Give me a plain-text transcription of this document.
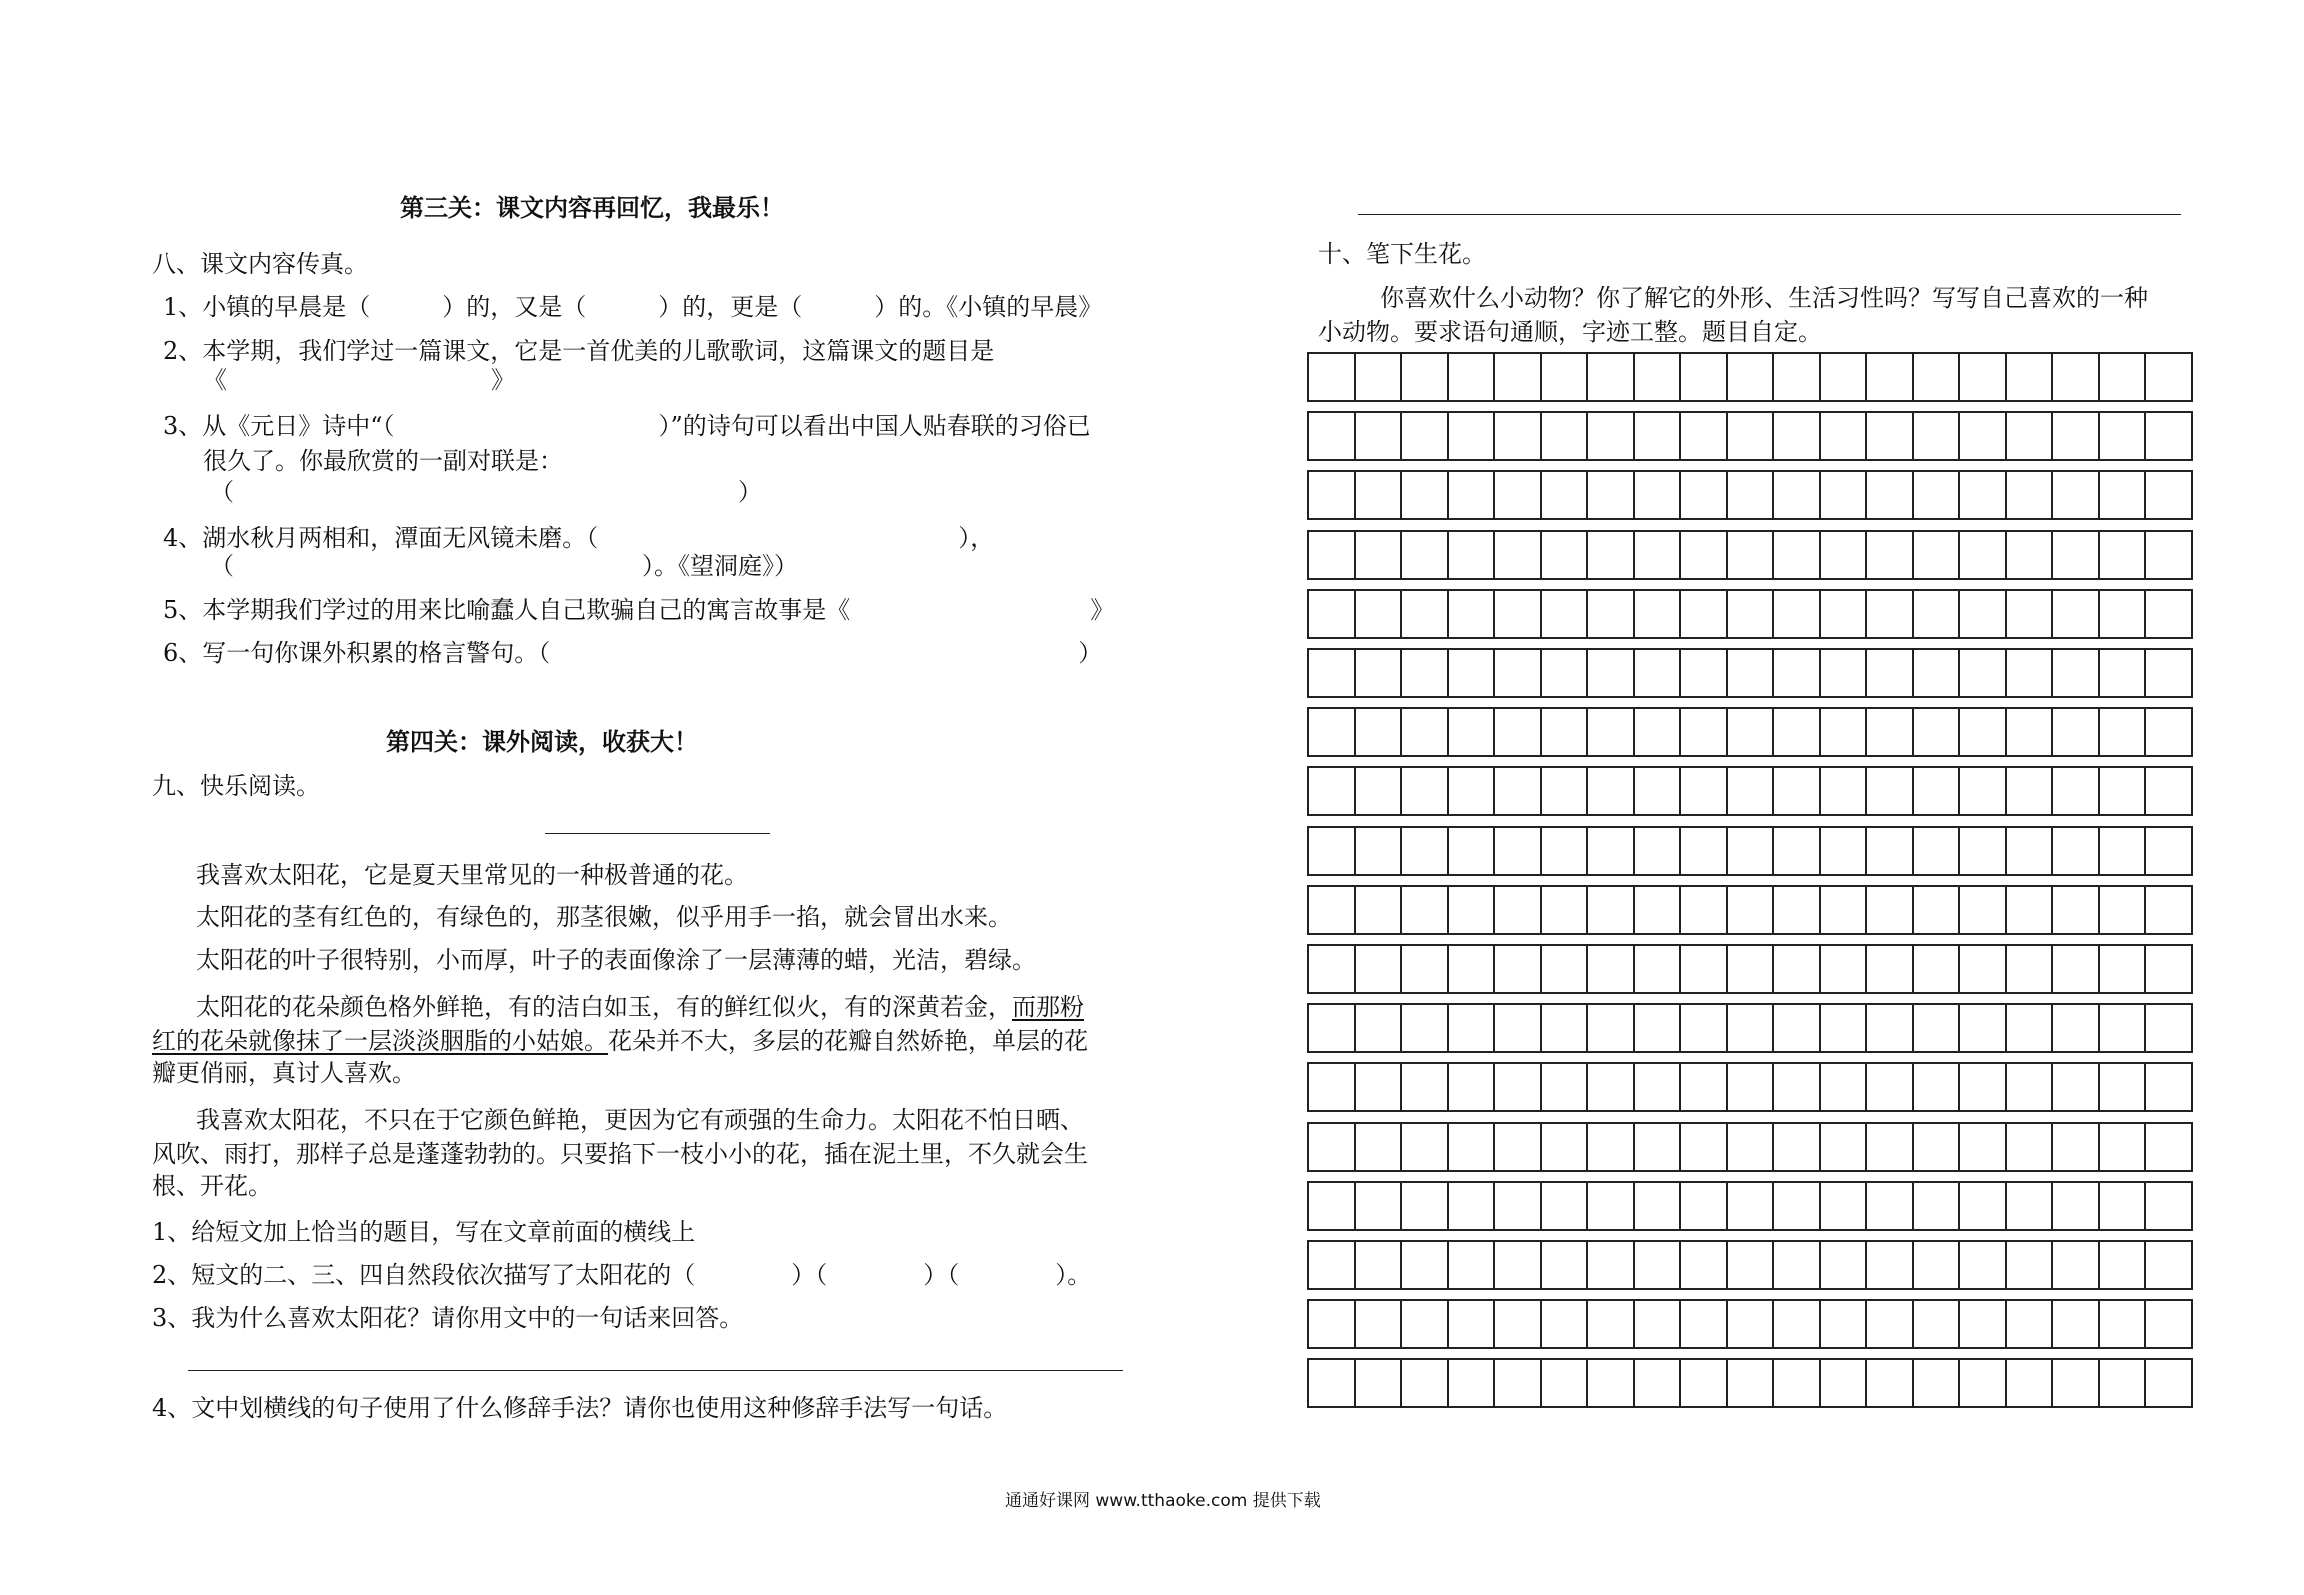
第三关：课文内容再回忆，我最乐！
八、课文内容传真。
1、小镇的早晨是（　　　）的，又是（　　　）的，更是（　　　）的。《小镇的早晨》
2、本学期，我们学过一篇课文，它是一首优美的儿歌歌词，这篇课文的题目是
《　　　　　　　　　　　》
3、从《元日》诗中“（　　　　　　　　　　　）”的诗句可以看出中国人贴春联的习俗已
很久了。你最欣赏的一副对联是：
（　　　　　　　　　　　　　　　　　　　　　）
4、湖水秋月两相和，潭面无风镜未磨。（　　　　　　　　　　　　　　　），
（　　　　　　　　　　　　　　　　　）。《望洞庭》）
5、本学期我们学过的用来比喻蠢人自己欺骗自己的寓言故事是《　　　　　　　　　　》
6、写一句你课外积累的格言警句。（　　　　　　　　　　　　　　　　　　　　　　）
第四关：课外阅读，收获大！
九、快乐阅读。
我喜欢太阳花，它是夏天里常见的一种极普通的花。
太阳花的茎有红色的，有绿色的，那茎很嫩，似乎用手一掐，就会冒出水来。
太阳花的叶子很特别，小而厚，叶子的表面像涂了一层薄薄的蜡，光洁，碧绿。
太阳花的花朵颜色格外鲜艳，有的洁白如玉，有的鲜红似火，有的深黄若金，而那粉
红的花朵就像抹了一层淡淡胭脂的小姑娘。花朵并不大，多层的花瓣自然娇艳，单层的花
瓣更俏丽，真讨人喜欢。
我喜欢太阳花，不只在于它颜色鲜艳，更因为它有顽强的生命力。太阳花不怕日晒、
风吹、雨打，那样子总是蓬蓬勃勃的。只要掐下一枝小小的花，插在泥土里，不久就会生
根、开花。
1、给短文加上恰当的题目，写在文章前面的横线上
2、短文的二、三、四自然段依次描写了太阳花的（　　　　）（　　　　）（　　　　）。
3、我为什么喜欢太阳花？请你用文中的一句话来回答。
4、文中划横线的句子使用了什么修辞手法？请你也使用这种修辞手法写一句话。
十、笔下生花。
你喜欢什么小动物？你了解它的外形、生活习性吗？写写自己喜欢的一种
小动物。要求语句通顺，字迹工整。题目自定。
通通好课网 www.tthaoke.com 提供下载
